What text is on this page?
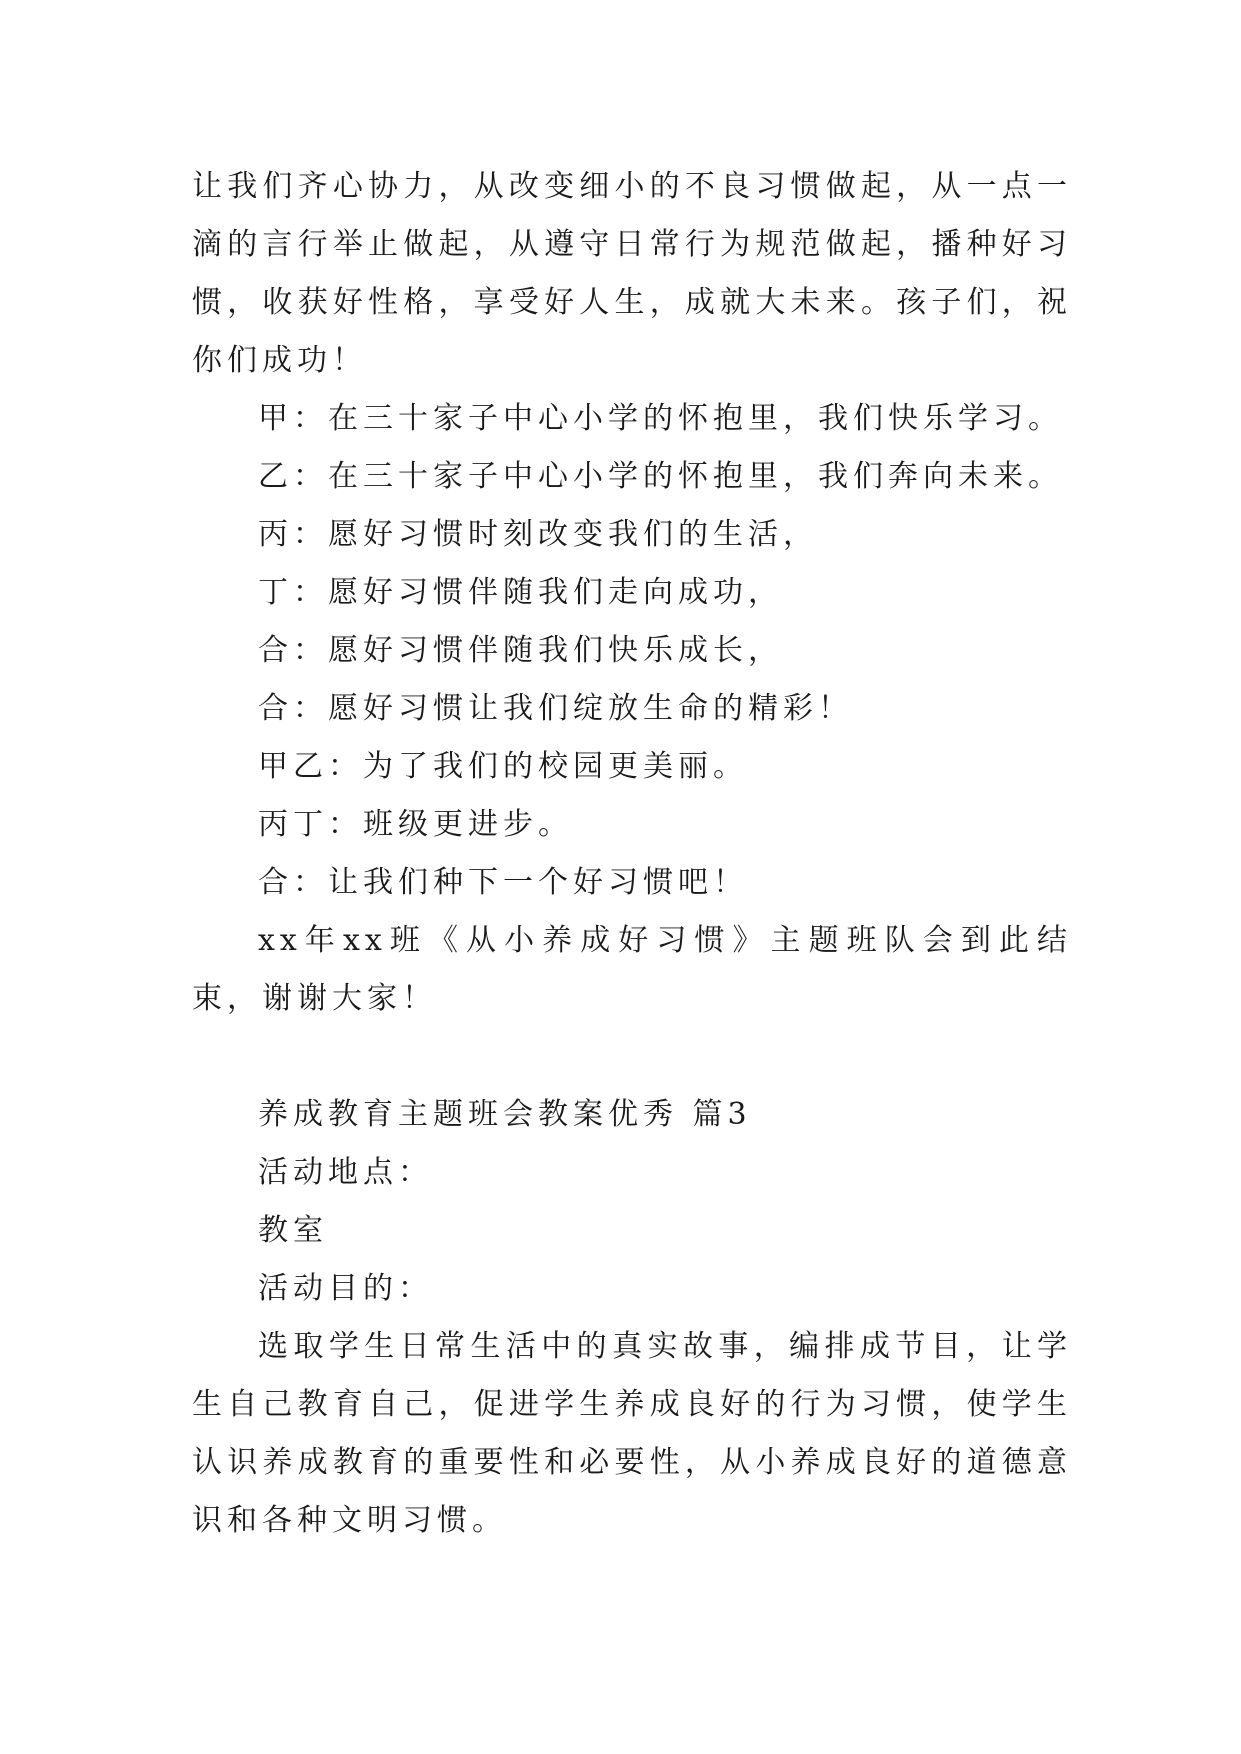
让我们齐心协力，从改变细小的不良习惯做起，从一点一滴的言行举止做起，从遵守日常行为规范做起，播种好习惯，收获好性格，享受好人生，成就大未来。孩子们，祝你们成功！

甲：在三十家子中心小学的怀抱里，我们快乐学习。

乙：在三十家子中心小学的怀抱里，我们奔向未来。

丙：愿好习惯时刻改变我们的生活，

丁：愿好习惯伴随我们走向成功，

合：愿好习惯伴随我们快乐成长，

合：愿好习惯让我们绽放生命的精彩！

甲乙：为了我们的校园更美丽。

丙丁：班级更进步。

合：让我们种下一个好习惯吧！

xx年xx班《从小养成好习惯》主题班队会到此结束，谢谢大家！

养成教育主题班会教案优秀 篇3

活动地点：

教室

活动目的：

选取学生日常生活中的真实故事，编排成节目，让学生自己教育自己，促进学生养成良好的行为习惯，使学生认识养成教育的重要性和必要性，从小养成良好的道德意识和各种文明习惯。
